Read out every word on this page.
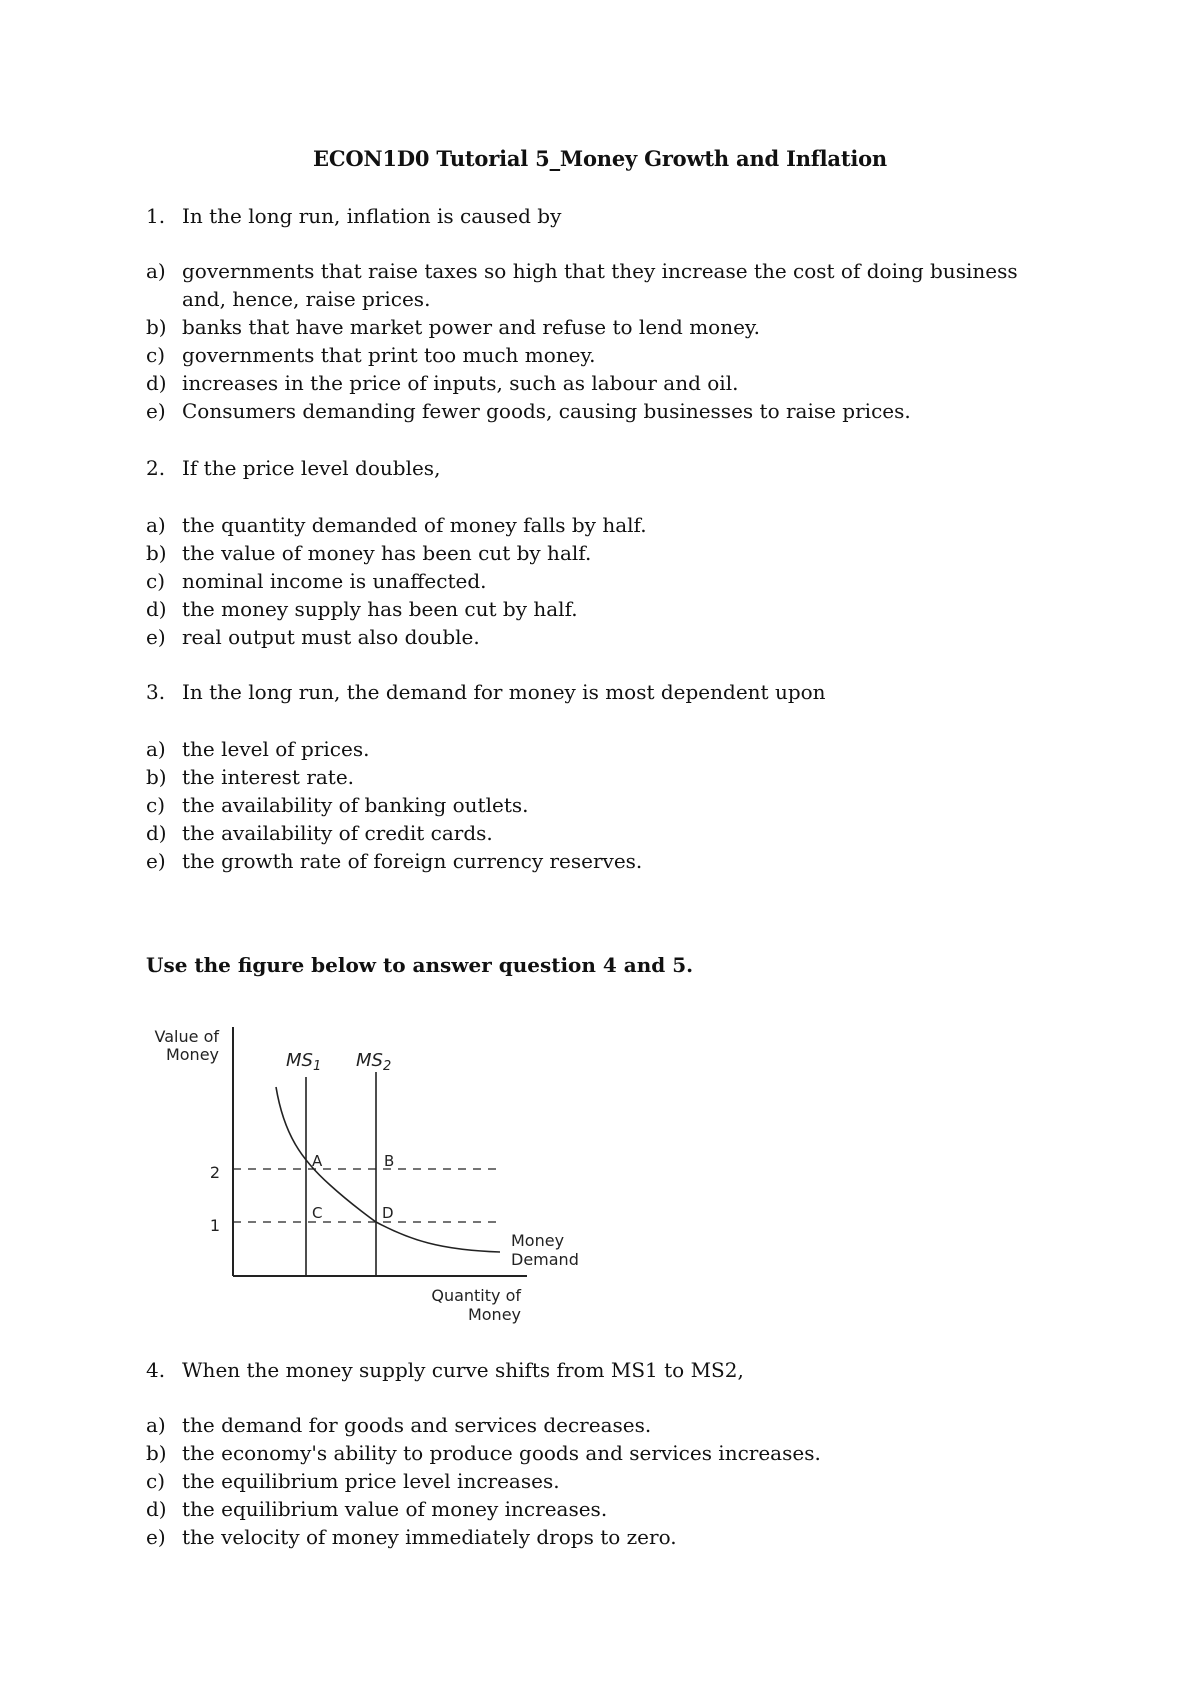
ECON1D0 Tutorial 5_Money Growth and Inflation
1. In the long run, inflation is caused by
a) governments that raise taxes so high that they increase the cost of doing business and, hence, raise prices.
b) banks that have market power and refuse to lend money.
c) governments that print too much money.
d) increases in the price of inputs, such as labour and oil.
e) Consumers demanding fewer goods, causing businesses to raise prices.
2. If the price level doubles,
a) the quantity demanded of money falls by half.
b) the value of money has been cut by half.
c) nominal income is unaffected.
d) the money supply has been cut by half.
e) real output must also double.
3. In the long run, the demand for money is most dependent upon
a) the level of prices.
b) the interest rate.
c) the availability of banking outlets.
d) the availability of credit cards.
e) the growth rate of foreign currency reserves.
Use the figure below to answer question 4 and 5.
Value of
Money
Quantity of
Money
$MS_1$ $MS_2$
2
1
A	B
C	D
Money
Demand
4. When the money supply curve shifts from MS1 to MS2,
a) the demand for goods and services decreases.
b) the economy's ability to produce goods and services increases.
c) the equilibrium price level increases.
d) the equilibrium value of money increases.
e) the velocity of money immediately drops to zero.
